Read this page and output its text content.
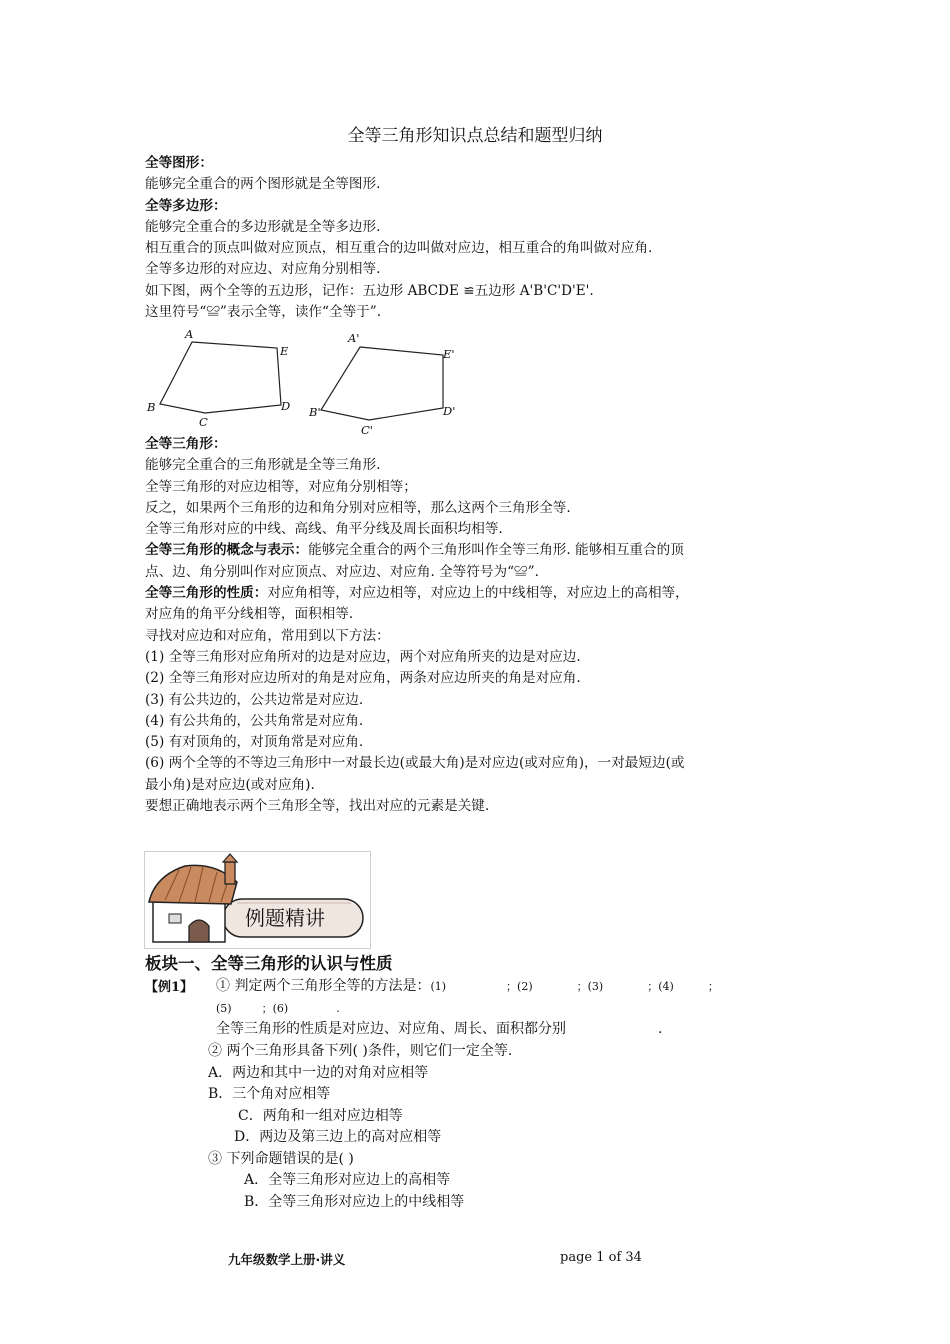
全等三角形知识点总结和题型归纳
全等图形：
能够完全重合的两个图形就是全等图形.
全等多边形：
能够完全重合的多边形就是全等多边形.
相互重合的顶点叫做对应顶点，相互重合的边叫做对应边，相互重合的角叫做对应角.
全等多边形的对应边、对应角分别相等.
如下图，两个全等的五边形，记作：五边形 ABCDE ≌五边形 A'B'C'D'E'.
这里符号“≌”表示全等，读作“全等于”.
A
E
B	D
C
A'
E'
B'	D'
C'
全等三角形：
能够完全重合的三角形就是全等三角形.
全等三角形的对应边相等，对应角分别相等；
反之，如果两个三角形的边和角分别对应相等，那么这两个三角形全等.
全等三角形对应的中线、高线、角平分线及周长面积均相等.
全等三角形的概念与表示：能够完全重合的两个三角形叫作全等三角形. 能够相互重合的顶
点、边、角分别叫作对应顶点、对应边、对应角. 全等符号为“≌”.
全等三角形的性质：对应角相等，对应边相等，对应边上的中线相等，对应边上的高相等，
对应角的角平分线相等，面积相等.
寻找对应边和对应角，常用到以下方法：
(1) 全等三角形对应角所对的边是对应边，两个对应角所夹的边是对应边.
(2) 全等三角形对应边所对的角是对应角，两条对应边所夹的角是对应角.
(3) 有公共边的，公共边常是对应边.
(4) 有公共角的，公共角常是对应角.
(5) 有对顶角的，对顶角常是对应角.
(6) 两个全等的不等边三角形中一对最长边(或最大角)是对应边(或对应角)，一对最短边(或
最小角)是对应边(或对应角).
要想正确地表示两个三角形全等，找出对应的元素是关键.
例题精讲
板块一、全等三角形的认识与性质
【例1】 ① 判定两个三角形全等的方法是：(1)	；(2)	；(3)	；(4)	；
(5)	；(6)	.
全等三角形的性质是对应边、对应角、周长、面积都分别	.
② 两个三角形具备下列( )条件，则它们一定全等.
A．两边和其中一边的对角对应相等
B．三个角对应相等
C．两角和一组对应边相等
D．两边及第三边上的高对应相等
③ 下列命题错误的是( )
A．全等三角形对应边上的高相等
B．全等三角形对应边上的中线相等
九年级数学上册·讲义	page 1 of 34
